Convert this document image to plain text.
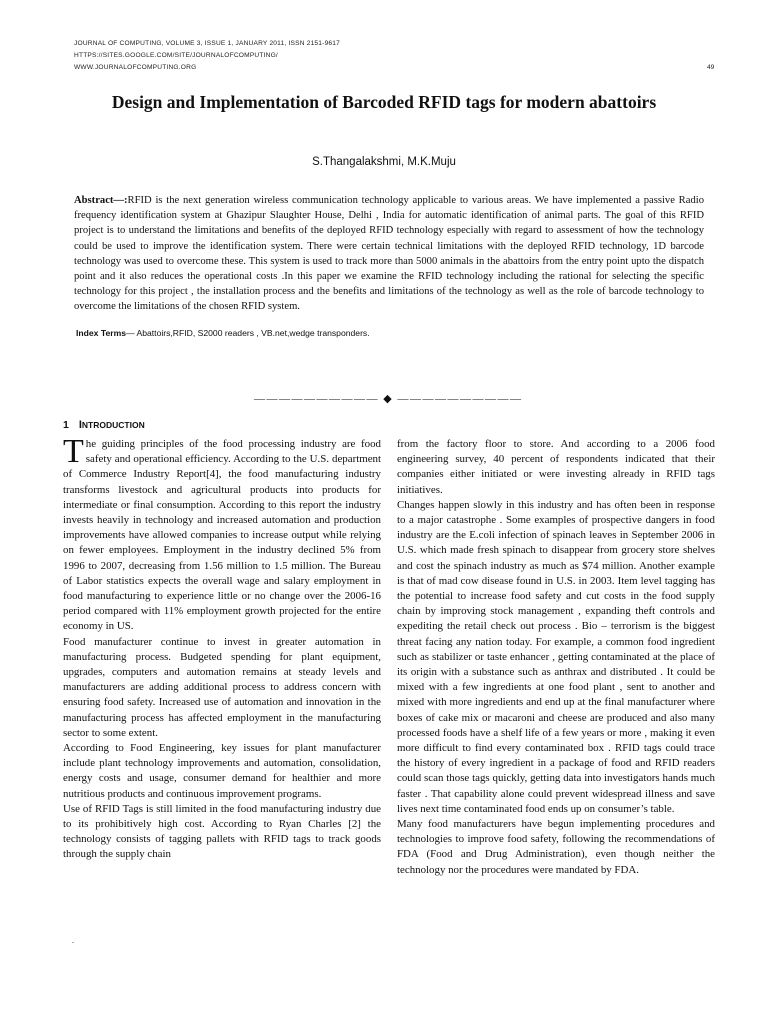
JOURNAL OF COMPUTING, VOLUME 3, ISSUE 1, JANUARY 2011, ISSN 2151-9617
HTTPS://SITES.GOOGLE.COM/SITE/JOURNALOFCOMPUTING/
WWW.JOURNALOFCOMPUTING.ORG	49
Design and Implementation of Barcoded RFID tags for modern abattoirs
S.Thangalakshmi, M.K.Muju

Abstract—:RFID is the next generation wireless communication technology applicable to various areas. We have implemented a passive Radio frequency identification system at Ghazipur Slaughter House, Delhi , India for automatic identification of animal parts. The goal of this RFID project is to understand the limitations and benefits of the deployed RFID technology especially with regard to assessment of how the technology could be used to improve the identification system. There were certain technical limitations with the deployed RFID technology, 1D barcode technology was used to overcome these. This system is used to track more than 5000 animals in the abattoirs from the entry point upto the dispatch point and it also reduces the operational costs .In this paper we examine the RFID technology including the rational for selecting the specific technology for this project , the installation process and the benefits and limitations of the technology as well as the role of barcode technology to overcome the limitations of the chosen RFID system.

Index Terms— Abattoirs,RFID, S2000 readers , VB.net,wedge transponders.
—————————— ◆ ——————————
1 INTRODUCTION

The guiding principles of the food processing industry are food safety and operational efficiency. According to the U.S. department of Commerce Industry Report[4], the food manufacturing industry transforms livestock and agricultural products into products for intermediate or final consumption. According to this report the industry invests heavily in technology and increased automation and production improvements have allowed companies to increase output while relying on fewer employees. Employment in the industry declined 5% from 1996 to 2007, decreasing from 1.56 million to 1.5 million. The Bureau of Labor statistics expects the overall wage and salary employment in food manufacturing to experience little or no change over the 2006-16 period compared with 11% employment growth projected for the entire economy in US.

Food manufacturer continue to invest in greater automation in manufacturing process. Budgeted spending for plant equipment, upgrades, computers and automation remains at steady levels and manufacturers are adding additional process to address concern with ensuring food safety. Increased use of automation and innovation in the manufacturing process has affected employment in the manufacturing sector to some extent.

According to Food Engineering, key issues for plant manufacturer include plant technology improvements and automation, consolidation, energy costs and usage, consumer demand for healthier and more nutritious products and continuous improvement programs.

Use of RFID Tags is still limited in the food manufacturing industry due to its prohibitively high cost. According to Ryan Charles [2] the technology consists of tagging pallets with RFID tags to track goods through the supply chain

.

from the factory floor to store. And according to a 2006 food engineering survey, 40 percent of respondents indicated that their companies either initiated or were investing already in RFID tags initiatives.

Changes happen slowly in this industry and has often been in response to a major catastrophe . Some examples of prospective dangers in food industry are the E.coli infection of spinach leaves in September 2006 in U.S. which made fresh spinach to disappear from grocery store shelves and cost the spinach industry as much as $74 million. Another example is that of mad cow disease found in U.S. in 2003. Item level tagging has the potential to increase food safety and cut costs in the food supply chain by improving stock management , expanding theft controls and expediting the retail check out process . Bio – terrorism is the biggest threat facing any nation today. For example, a common food ingredient such as stabilizer or taste enhancer , getting contaminated at the place of its origin with a substance such as anthrax and distributed . It could be mixed with a few ingredients at one food plant , sent to another and mixed with more ingredients and end up at the final manufacturer where boxes of cake mix or macaroni and cheese are produced and also many processed foods have a shelf life of a few years or more , making it even more difficult to find every contaminated box . RFID tags could trace the history of every ingredient in a package of food and RFID readers could scan those tags quickly, getting data into investigators hands much faster . That capability alone could prevent widespread illness and save lives next time contaminated food ends up on consumer’s table.

Many food manufacturers have begun implementing procedures and technologies to improve food safety, following the recommendations of FDA (Food and Drug Administration), even though neither the technology nor the procedures were mandated by FDA.
